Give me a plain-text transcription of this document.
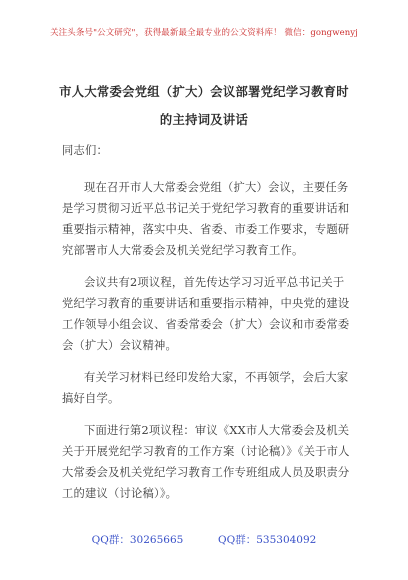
关注头条号"公文研究"，获得最新最全最专业的公文资料库！ 微信：gongwenyj
市人大常委会党组（扩大）会议部署党纪学习教育时的主持词及讲话
同志们：
现在召开市人大常委会党组（扩大）会议，主要任务是学习贯彻习近平总书记关于党纪学习教育的重要讲话和重要指示精神，落实中央、省委、市委工作要求，专题研究部署市人大常委会及机关党纪学习教育工作。
会议共有2项议程，首先传达学习习近平总书记关于党纪学习教育的重要讲话和重要指示精神，中央党的建设工作领导小组会议、省委常委会（扩大）会议和市委常委会（扩大）会议精神。
有关学习材料已经印发给大家，不再领学，会后大家搞好自学。
下面进行第2项议程：审议《XX市人大常委会及机关关于开展党纪学习教育的工作方案（讨论稿）》《关于市人大常委会及机关党纪学习教育工作专班组成人员及职责分工的建议（讨论稿）》。
QQ群：30265665	QQ群：535304092
